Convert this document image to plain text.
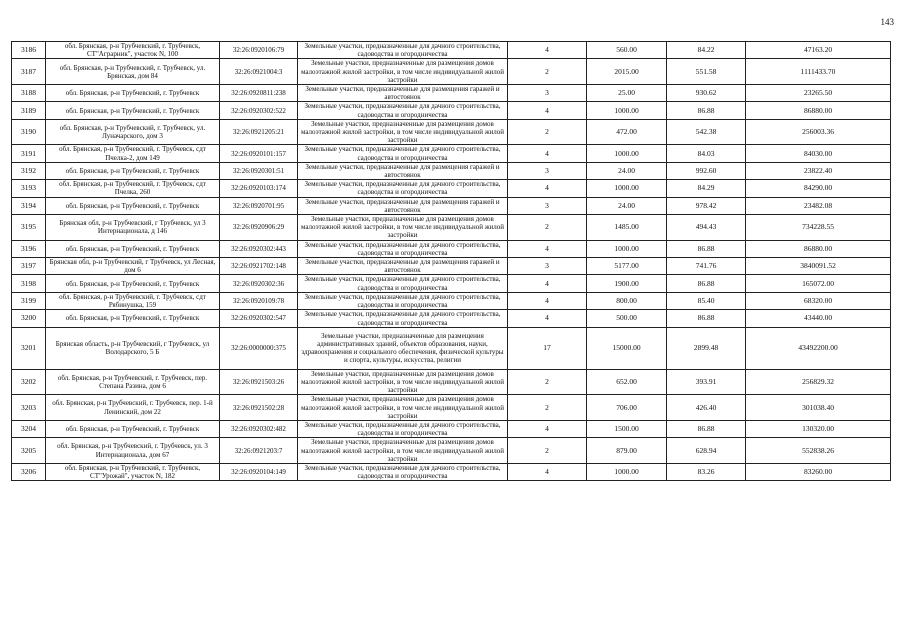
143
3186	обл. Брянская, р-н Трубчевский, г. Трубчевск, СТ"Аграрник", участок N, 100	32:26:0920106:79	Земельные участки, предназначенные для дачного строительства, садоводства и огородничества	4	560.00	84.22	47163.20
3187	обл. Брянская, р-н Трубчевский, г. Трубчевск, ул. Брянская, дом 84	32:26:0921004:3	Земельные участки, предназначенные для размещения домов малоэтажной жилой застройки, в том числе индивидуальной жилой застройки	2	2015.00	551.58	1111433.70
3188	обл. Брянская, р-н Трубчевский, г. Трубчевск	32:26:0920811:238	Земельные участки, предназначенные для размещения гаражей и автостоянок	3	25.00	930.62	23265.50
3189	обл. Брянская, р-н Трубчевский, г. Трубчевск	32:26:0920302:522	Земельные участки, предназначенные для дачного строительства, садоводства и огородничества	4	1000.00	86.88	86880.00
3190	обл. Брянская, р-н Трубчевский, г. Трубчевск, ул. Луначарского, дом 3	32:26:0921205:21	Земельные участки, предназначенные для размещения домов малоэтажной жилой застройки, в том числе индивидуальной жилой застройки	2	472.00	542.38	256003.36
3191	обл. Брянская, р-н Трубчевский, г. Трубчевск, сдт Пчелка-2, дом 149	32:26:0920101:157	Земельные участки, предназначенные для дачного строительства, садоводства и огородничества	4	1000.00	84.03	84030.00
3192	обл. Брянская, р-н Трубчевский, г. Трубчевск	32:26:0920301:51	Земельные участки, предназначенные для размещения гаражей и автостоянок	3	24.00	992.60	23822.40
3193	обл. Брянская, р-н Трубчевский, г. Трубчевск, сдт Пчелка, 260	32:26:0920103:174	Земельные участки, предназначенные для дачного строительства, садоводства и огородничества	4	1000.00	84.29	84290.00
3194	обл. Брянская, р-н Трубчевский, г. Трубчевск	32:26:0920701:95	Земельные участки, предназначенные для размещения гаражей и автостоянок	3	24.00	978.42	23482.08
3195	Брянская обл, р-н Трубчевский, г Трубчевск, ул 3 Интернационала, д 146	32:26:0920906:29	Земельные участки, предназначенные для размещения домов малоэтажной жилой застройки, в том числе индивидуальной жилой застройки	2	1485.00	494.43	734228.55
3196	обл. Брянская, р-н Трубчевский, г. Трубчевск	32:26:0920302:443	Земельные участки, предназначенные для дачного строительства, садоводства и огородничества	4	1000.00	86.88	86880.00
3197	Брянская обл, р-н Трубчевский, г Трубчевск, ул Лесная, дом 6	32:26:0921702:148	Земельные участки, предназначенные для размещения гаражей и автостоянок	3	5177.00	741.76	3840091.52
3198	обл. Брянская, р-н Трубчевский, г. Трубчевск	32:26:0920302:36	Земельные участки, предназначенные для дачного строительства, садоводства и огородничества	4	1900.00	86.88	165072.00
3199	обл. Брянская, р-н Трубчевский, г. Трубчевск, сдт Рябинушка, 159	32:26:0920109:78	Земельные участки, предназначенные для дачного строительства, садоводства и огородничества	4	800.00	85.40	68320.00
3200	обл. Брянская, р-н Трубчевский, г. Трубчевск	32:26:0920302:547	Земельные участки, предназначенные для дачного строительства, садоводства и огородничества	4	500.00	86.88	43440.00
3201	Брянская область, р-н Трубчевский, г Трубчевск, ул Володарского, 5 Б	32:26:0000000:375	Земельные участки, предназначенные для размещения административных зданий, объектов образования, науки, здравоохранения и социального обеспечения, физической культуры и спорта, культуры, искусства, религии	17	15000.00	2899.48	43492200.00
3202	обл. Брянская, р-н Трубчевский, г. Трубчевск, пер. Степана Разина, дом 6	32:26:0921503:26	Земельные участки, предназначенные для размещения домов малоэтажной жилой застройки, в том числе индивидуальной жилой застройки	2	652.00	393.91	256829.32
3203	обл. Брянская, р-н Трубчевский, г. Трубчевск, пер. 1-й Ленинский, дом 22	32:26:0921502:28	Земельные участки, предназначенные для размещения домов малоэтажной жилой застройки, в том числе индивидуальной жилой застройки	2	706.00	426.40	301038.40
3204	обл. Брянская, р-н Трубчевский, г. Трубчевск	32:26:0920302:482	Земельные участки, предназначенные для дачного строительства, садоводства и огородничества	4	1500.00	86.88	130320.00
3205	обл. Брянская, р-н Трубчевский, г. Трубчевск, ул. 3 Интернационала, дом 67	32:26:0921203:7	Земельные участки, предназначенные для размещения домов малоэтажной жилой застройки, в том числе индивидуальной жилой застройки	2	879.00	628.94	552838.26
3206	обл. Брянская, р-н Трубчевский, г. Трубчевск, СТ"Урожай", участок N, 182	32:26:0920104:149	Земельные участки, предназначенные для дачного строительства, садоводства и огородничества	4	1000.00	83.26	83260.00
